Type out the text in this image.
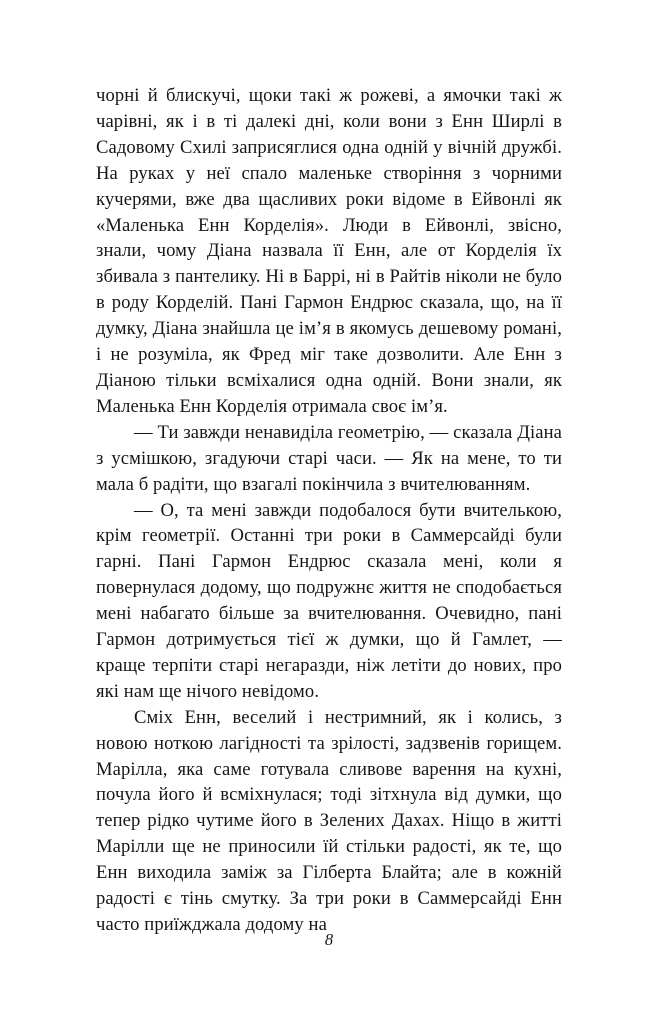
чорні й блискучі, щоки такі ж рожеві, а ямочки такі ж чарівні, як і в ті далекі дні, коли вони з Енн Ширлі в Садовому Схилі заприсяглися одна одній у вічній дружбі. На руках у неї спало маленьке створіння з чорними кучерями, вже два щасливих роки відоме в Ейвонлі як «Маленька Енн Корделія». Люди в Ейвонлі, звісно, знали, чому Діана назвала її Енн, але от Корделія їх збивала з пантелику. Ні в Баррі, ні в Райтів ніколи не було в роду Корделій. Пані Гармон Ендрюс сказала, що, на її думку, Діана знайшла це ім’я в якомусь дешевому романі, і не розуміла, як Фред міг таке дозволити. Але Енн з Діаною тільки всміхалися одна одній. Вони знали, як Маленька Енн Корделія отримала своє ім’я.

— Ти завжди ненавиділа геометрію, — сказала Діана з усмішкою, згадуючи старі часи. — Як на мене, то ти мала б радіти, що взагалі покінчила з вчителюванням.

— О, та мені завжди подобалося бути вчителькою, крім геометрії. Останні три роки в Саммерсайді були гарні. Пані Гармон Ендрюс сказала мені, коли я повернулася додому, що подружнє життя не сподобається мені набагато більше за вчителювання. Очевидно, пані Гармон дотримується тієї ж думки, що й Гамлет, — краще терпіти старі негаразди, ніж летіти до нових, про які нам ще нічого невідомо.

Сміх Енн, веселий і нестримний, як і колись, з новою ноткою лагідності та зрілості, задзвенів горищем. Марілла, яка саме готувала сливове варення на кухні, почула його й всміхнулася; тоді зітхнула від думки, що тепер рідко чутиме його в Зелених Дахах. Ніщо в житті Марілли ще не приносили їй стільки радості, як те, що Енн виходила заміж за Гілберта Блайта; але в кожній радості є тінь смутку. За три роки в Саммерсайді Енн часто приїжджала додому на

8
